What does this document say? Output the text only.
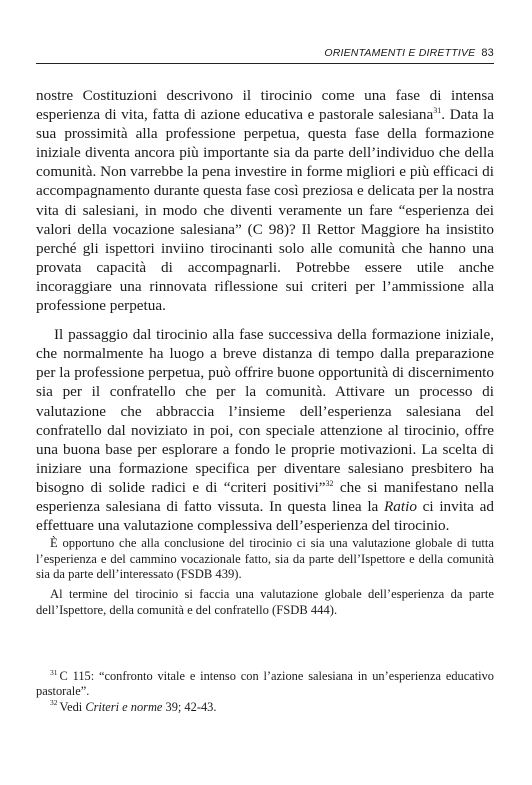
ORIENTAMENTI E DIRETTIVE 83

nostre Costituzioni descrivono il tirocinio come una fase di intensa esperienza di vita, fatta di azione educativa e pastorale salesiana$^{31}$. Data la sua prossimità alla professione perpetua, questa fase della formazione iniziale diventa ancora più importante sia da parte dell’individuo che della comunità. Non varrebbe la pena investire in forme migliori e più efficaci di accompagnamento durante questa fase così preziosa e delicata per la nostra vita di salesiani, in modo che diventi veramente un fare “esperienza dei valori della vocazione salesiana” (C 98)? Il Rettor Maggiore ha insistito perché gli ispettori inviino tirocinanti solo alle comunità che hanno una provata capacità di accompagnarli. Potrebbe essere utile anche incoraggiare una rinnovata riflessione sui criteri per l’ammissione alla professione perpetua.

Il passaggio dal tirocinio alla fase successiva della formazione iniziale, che normalmente ha luogo a breve distanza di tempo dalla preparazione per la professione perpetua, può offrire buone opportunità di discernimento sia per il confratello che per la comunità. Attivare un processo di valutazione che abbraccia l’insieme dell’esperienza salesiana del confratello dal noviziato in poi, con speciale attenzione al tirocinio, offre una buona base per esplorare a fondo le proprie motivazioni. La scelta di iniziare una formazione specifica per diventare salesiano presbitero ha bisogno di solide radici e di “criteri positivi”$^{32}$ che si manifestano nella esperienza salesiana di fatto vissuta. In questa linea la Ratio ci invita ad effettuare una valutazione complessiva dell’esperienza del tirocinio.

È opportuno che alla conclusione del tirocinio ci sia una valutazione globale di tutta l’esperienza e del cammino vocazionale fatto, sia da parte dell’Ispettore e della comunità sia da parte dell’interessato (FSDB 439).

Al termine del tirocinio si faccia una valutazione globale dell’esperienza da parte dell’Ispettore, della comunità e del confratello (FSDB 444).

$^{31}$ C 115: “confronto vitale e intenso con l’azione salesiana in un’esperienza educativo pastorale”.

$^{32}$ Vedi Criteri e norme 39; 42-43.
